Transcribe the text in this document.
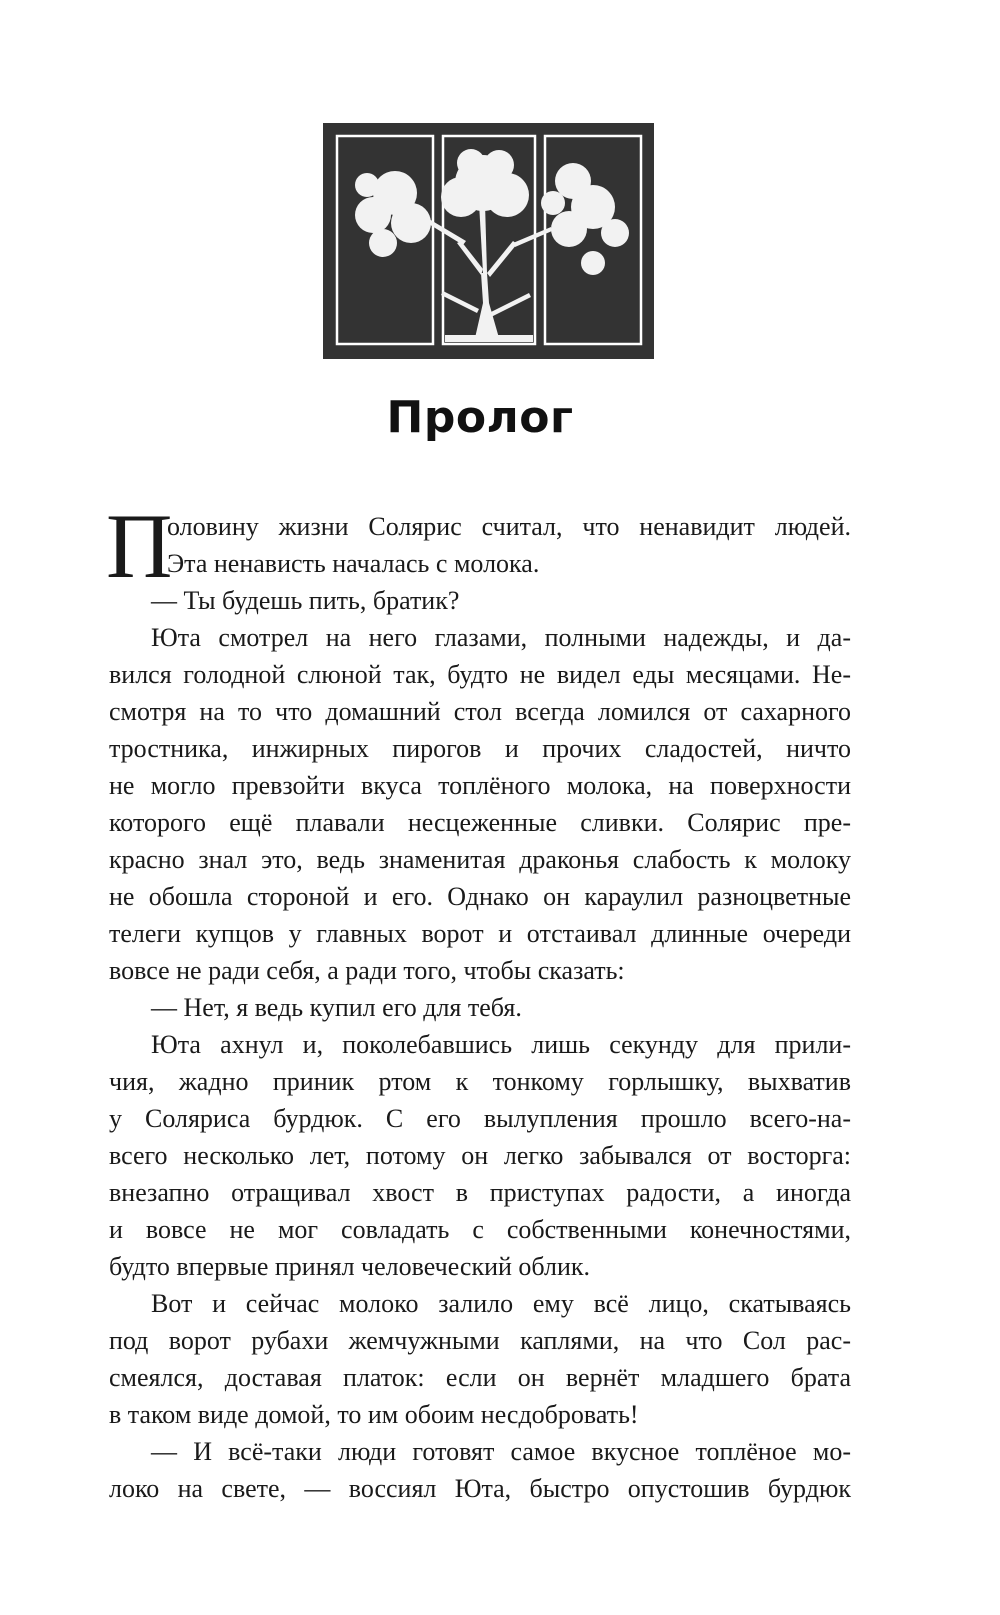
Пролог
П
оловину жизни Солярис считал, что ненавидит людей.
Эта ненависть началась с молока.
— Ты будешь пить, братик?
Юта смотрел на него глазами, полными надежды, и да-
вился голодной слюной так, будто не видел еды месяцами. Не-
смотря на то что домашний стол всегда ломился от сахарного
тростника, инжирных пирогов и прочих сладостей, ничто
не могло превзойти вкуса топлёного молока, на поверхности
которого ещё плавали несцеженные сливки. Солярис пре-
красно знал это, ведь знаменитая драконья слабость к молоку
не обошла стороной и его. Однако он караулил разноцветные
телеги купцов у главных ворот и отстаивал длинные очереди
вовсе не ради себя, а ради того, чтобы сказать:
— Нет, я ведь купил его для тебя.
Юта ахнул и, поколебавшись лишь секунду для прили-
чия, жадно приник ртом к тонкому горлышку, выхватив
у Соляриса бурдюк. С его вылупления прошло всего-на-
всего несколько лет, потому он легко забывался от восторга:
внезапно отращивал хвост в приступах радости, а иногда
и вовсе не мог совладать с собственными конечностями,
будто впервые принял человеческий облик.
Вот и сейчас молоко залило ему всё лицо, скатываясь
под ворот рубахи жемчужными каплями, на что Сол рас-
смеялся, доставая платок: если он вернёт младшего брата
в таком виде домой, то им обоим несдобровать!
— И всё-таки люди готовят самое вкусное топлёное мо-
локо на свете, — воссиял Юта, быстро опустошив бурдюк
